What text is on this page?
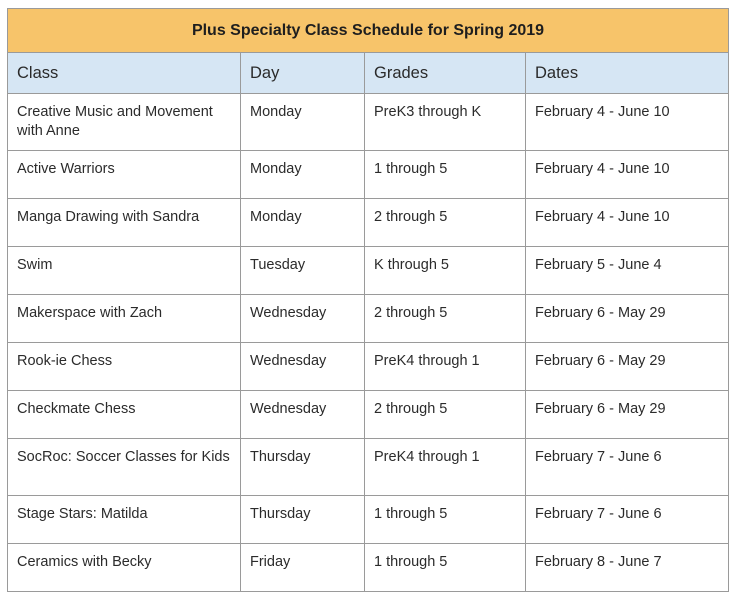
Plus Specialty Class Schedule for Spring 2019			
Class	Day	Grades	Dates
Creative Music and Movement with Anne	Monday	PreK3 through K	February 4 - June 10
Active Warriors	Monday	1 through 5	February 4 - June 10
Manga Drawing with Sandra	Monday	2 through 5	February 4 - June 10
Swim	Tuesday	K through 5	February 5 - June 4
Makerspace with Zach	Wednesday	2 through 5	February 6 - May 29
Rook-ie Chess	Wednesday	PreK4 through 1	February 6 - May 29
Checkmate Chess	Wednesday	2 through 5	February 6 - May 29
SocRoc: Soccer Classes for Kids	Thursday	PreK4 through 1	February 7 - June 6
Stage Stars: Matilda	Thursday	1 through 5	February 7 - June 6
Ceramics with Becky	Friday	1 through 5	February 8 - June 7
